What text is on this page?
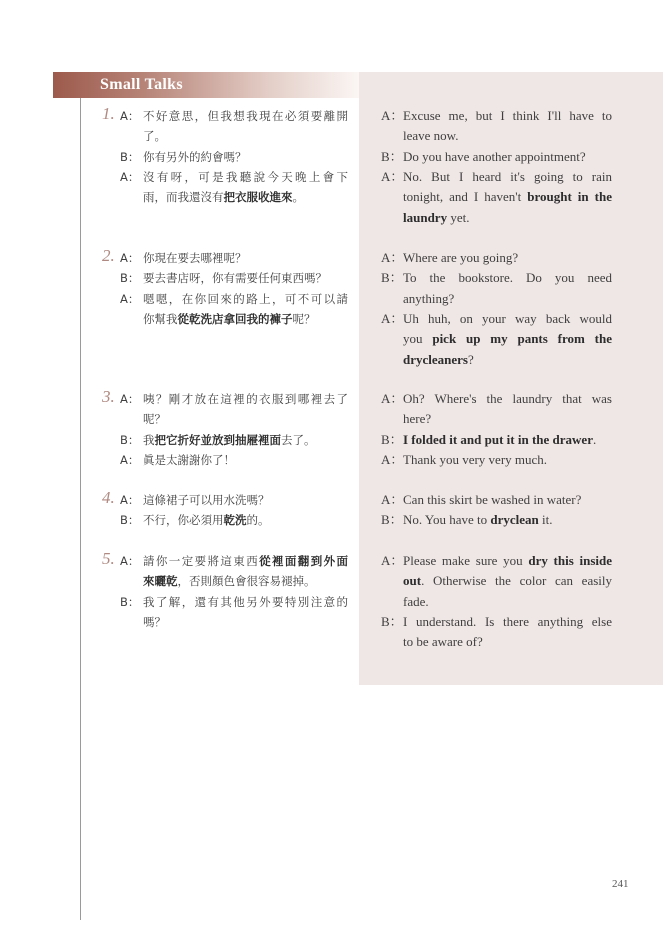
Small Talks
1. A： 不好意思，但我想我現在必須要離開
了。
B： 你有另外的約會嗎？
A： 沒有呀，可是我聽說今天晚上會下
雨，而我還沒有把衣服收進來。
A： Excuse me, but I think I'll have to
leave now.
B： Do you have another appointment?
A： No. But I heard it's going to rain
tonight, and I haven't brought in the
laundry yet.
2. A： 你現在要去哪裡呢？
B： 要去書店呀，你有需要任何東西嗎？
A： 嗯嗯，在你回來的路上，可不可以請
你幫我從乾洗店拿回我的褲子呢？
A： Where are you going?
B： To the bookstore. Do you need
anything?
A： Uh huh, on your way back would
you pick up my pants from the
drycleaners?
3. A： 咦？剛才放在這裡的衣服到哪裡去了
呢？
B： 我把它折好並放到抽屜裡面去了。
A： 眞是太謝謝你了！
A： Oh? Where's the laundry that was
here?
B： I folded it and put it in the drawer.
A： Thank you very very much.
4. A： 這條裙子可以用水洗嗎？
B： 不行，你必須用乾洗的。
A： Can this skirt be washed in water?
B： No. You have to dryclean it.
5. A： 請你一定要將這東西從裡面翻到外面
來曬乾，否則顏色會很容易褪掉。
B： 我了解，還有其他另外要特別注意的
嗎？
A： Please make sure you dry this inside
out. Otherwise the color can easily
fade.
B： I understand. Is there anything else
to be aware of?
241
